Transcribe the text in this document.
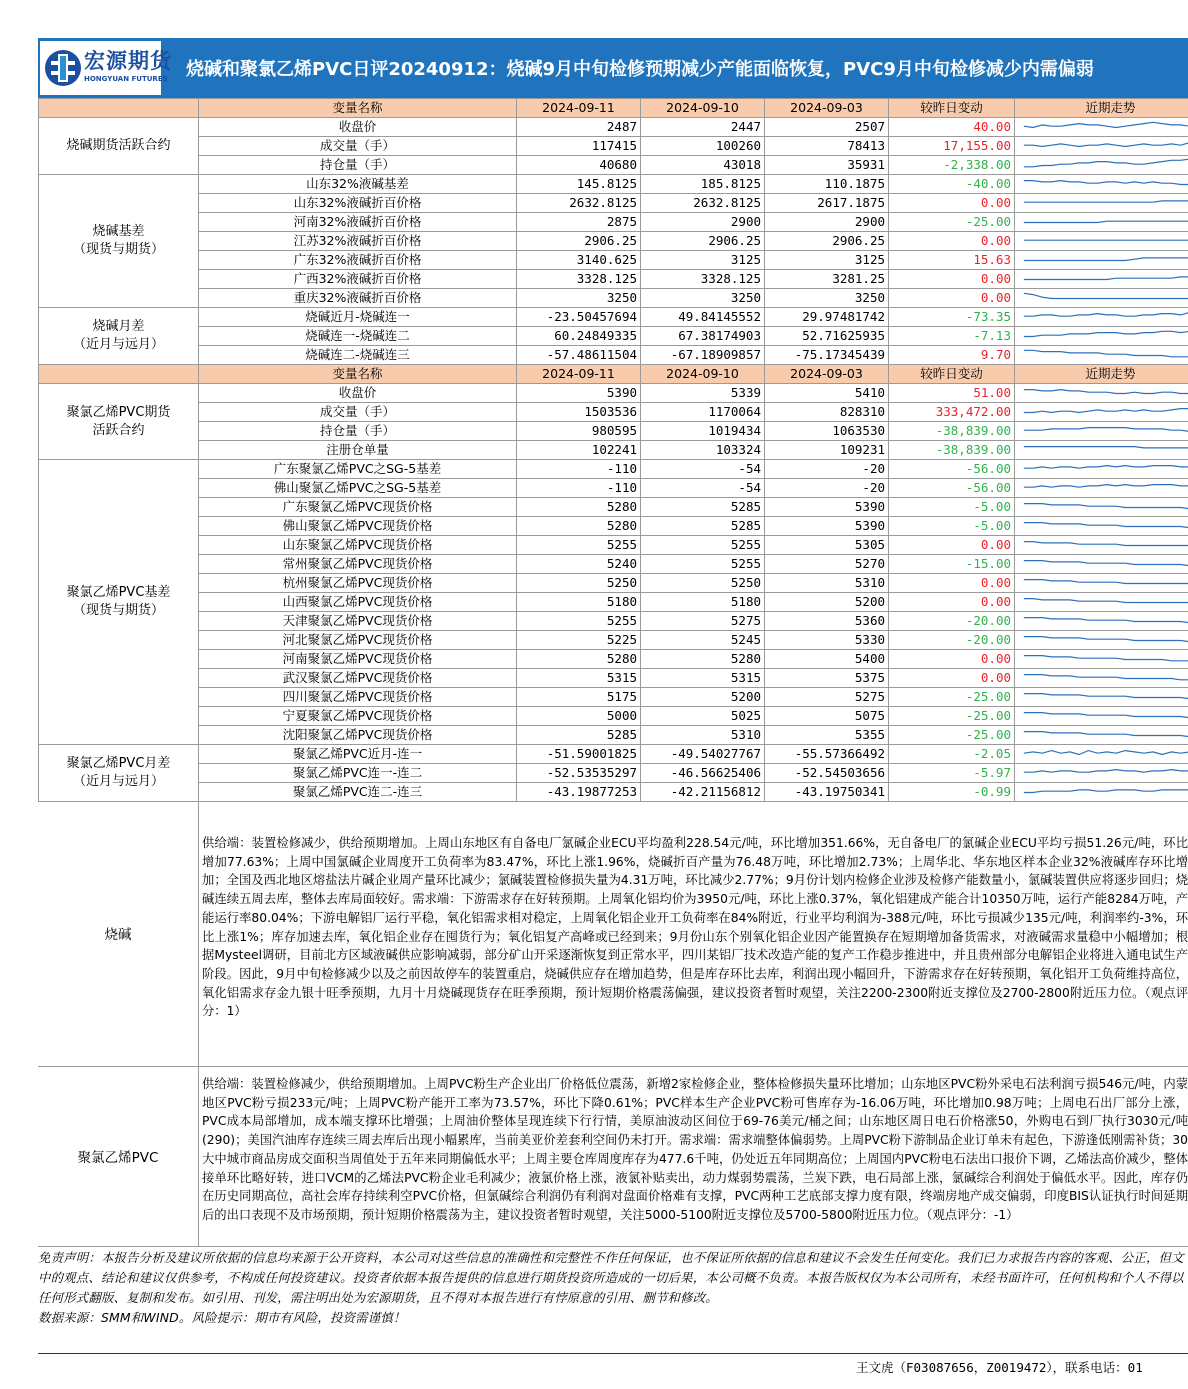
宏源期货
HONGYUAN FUTURES 烧碱和聚氯乙烯PVC日评20240912：烧碱9月中旬检修预期减少产能面临恢复，PVC9月中旬检修减少内需偏弱
	变量名称	2024-09-11	2024-09-10	2024-09-03	较昨日变动	近期走势
烧碱期货活跃合约	收盘价	2487	2447	2507	40.00	

	成交量（手）	117415	100260	78413	17,155.00	

	持仓量（手）	40680	43018	35931	-2,338.00	

烧碱基差
（现货与期货）	山东32%液碱基差	145.8125	185.8125	110.1875	-40.00	

	山东32%液碱折百价格	2632.8125	2632.8125	2617.1875	0.00	

	河南32%液碱折百价格	2875	2900	2900	-25.00	

	江苏32%液碱折百价格	2906.25	2906.25	2906.25	0.00	

	广东32%液碱折百价格	3140.625	3125	3125	15.63	

	广西32%液碱折百价格	3328.125	3328.125	3281.25	0.00	

	重庆32%液碱折百价格	3250	3250	3250	0.00	

烧碱月差
（近月与远月）	烧碱近月-烧碱连一	-23.50457694	49.84145552	29.97481742	-73.35	

	烧碱连一-烧碱连二	60.24849335	67.38174903	52.71625935	-7.13	

	烧碱连二-烧碱连三	-57.48611504	-67.18909857	-75.17345439	9.70	

	变量名称	2024-09-11	2024-09-10	2024-09-03	较昨日变动	近期走势
聚氯乙烯PVC期货
活跃合约	收盘价	5390	5339	5410	51.00	

	成交量（手）	1503536	1170064	828310	333,472.00	

	持仓量（手）	980595	1019434	1063530	-38,839.00	

	注册仓单量	102241	103324	109231	-38,839.00	

聚氯乙烯PVC基差
（现货与期货）	广东聚氯乙烯PVC之SG-5基差	-110	-54	-20	-56.00	

	佛山聚氯乙烯PVC之SG-5基差	-110	-54	-20	-56.00	

	广东聚氯乙烯PVC现货价格	5280	5285	5390	-5.00	

	佛山聚氯乙烯PVC现货价格	5280	5285	5390	-5.00	

	山东聚氯乙烯PVC现货价格	5255	5255	5305	0.00	

	常州聚氯乙烯PVC现货价格	5240	5255	5270	-15.00	

	杭州聚氯乙烯PVC现货价格	5250	5250	5310	0.00	

	山西聚氯乙烯PVC现货价格	5180	5180	5200	0.00	

	天津聚氯乙烯PVC现货价格	5255	5275	5360	-20.00	

	河北聚氯乙烯PVC现货价格	5225	5245	5330	-20.00	

	河南聚氯乙烯PVC现货价格	5280	5280	5400	0.00	

	武汉聚氯乙烯PVC现货价格	5315	5315	5375	0.00	

	四川聚氯乙烯PVC现货价格	5175	5200	5275	-25.00	

	宁夏聚氯乙烯PVC现货价格	5000	5025	5075	-25.00	

	沈阳聚氯乙烯PVC现货价格	5285	5310	5355	-25.00	

聚氯乙烯PVC月差
（近月与远月）	聚氯乙烯PVC近月-连一	-51.59001825	-49.54027767	-55.57366492	-2.05	

	聚氯乙烯PVC连一-连二	-52.53535297	-46.56625406	-52.54503656	-5.97	

	聚氯乙烯PVC连二-连三	-43.19877253	-42.21156812	-43.19750341	-0.99	
烧碱
供给端：装置检修减少，供给预期增加。上周山东地区有自备电厂氯碱企业ECU平均盈利228.54元/吨，环比增加351.66%，无自备电厂的氯碱企业ECU平均亏损51.26元/吨，环比增加77.63%；上周中国氯碱企业周度开工负荷率为83.47%，环比上涨1.96%，烧碱折百产量为76.48万吨，环比增加2.73%；上周华北、华东地区样本企业32%液碱库存环比增加；全国及西北地区熔盐法片碱企业周产量环比减少；氯碱装置检修损失量为4.31万吨，环比减少2.77%；9月份计划内检修企业涉及检修产能数量小，氯碱装置供应将逐步回归；烧碱连续五周去库，整体去库局面较好。需求端：下游需求存在好转预期。上周氧化铝均价为3950元/吨，环比上涨0.37%，氧化铝建成产能合计10350万吨，运行产能8284万吨，产能运行率80.04%；下游电解铝厂运行平稳，氧化铝需求相对稳定，上周氧化铝企业开工负荷率在84%附近，行业平均利润为-388元/吨，环比亏损减少135元/吨，利润率约-3%，环比上涨1%；库存加速去库，氧化铝企业存在囤货行为；氧化铝复产高峰或已经到来；9月份山东个别氧化铝企业因产能置换存在短期增加备货需求，对液碱需求量稳中小幅增加；根据Mysteel调研，目前北方区域液碱供应影响减弱，部分矿山开采逐渐恢复到正常水平，四川某铝厂技术改造产能的复产工作稳步推进中，并且贵州部分电解铝企业将进入通电试生产阶段。因此，9月中旬检修减少以及之前因故停车的装置重启，烧碱供应存在增加趋势，但是库存环比去库，利润出现小幅回升，下游需求存在好转预期，氧化铝开工负荷维持高位，氧化铝需求存金九银十旺季预期，九月十月烧碱现货存在旺季预期，预计短期价格震荡偏强，建议投资者暂时观望，关注2200-2300附近支撑位及2700-2800附近压力位。（观点评分：1）
聚氯乙烯PVC
供给端：装置检修减少，供给预期增加。上周PVC粉生产企业出厂价格低位震荡，新增2家检修企业，整体检修损失量环比增加；山东地区PVC粉外采电石法利润亏损546元/吨，内蒙地区PVC粉亏损233元/吨；上周PVC粉产能开工率为73.57%，环比下降0.61%；PVC样本生产企业PVC粉可售库存为-16.06万吨，环比增加0.98万吨；上周电石出厂部分上涨，PVC成本局部增加，成本端支撑环比增强；上周油价整体呈现连续下行行情，美原油波动区间位于69-76美元/桶之间；山东地区周日电石价格涨50，外购电石到厂执行3030元/吨(290)；美国汽油库存连续三周去库后出现小幅累库，当前美亚价差套利空间仍未打开。需求端：需求端整体偏弱势。上周PVC粉下游制品企业订单未有起色，下游逢低刚需补货；30大中城市商品房成交面积当周值处于五年来同期偏低水平；上周主要仓库周度库存为477.6千吨，仍处近五年同期高位；上周国内PVC粉电石法出口报价下调，乙烯法高价减少，整体接单环比略好转，进口VCM的乙烯法PVC粉企业毛利减少；液氯价格上涨，液氯补贴卖出，动力煤弱势震荡，兰炭下跌，电石局部上涨，氯碱综合利润处于偏低水平。因此，库存仍在历史同期高位，高社会库存持续利空PVC价格，但氯碱综合利润仍有利润对盘面价格难有支撑，PVC两种工艺底部支撑力度有限，终端房地产成交偏弱，印度BIS认证执行时间延期后的出口表现不及市场预期，预计短期价格震荡为主，建议投资者暂时观望，关注5000-5100附近支撑位及5700-5800附近压力位。（观点评分：-1）
免责声明：本报告分析及建议所依据的信息均来源于公开资料，本公司对这些信息的准确性和完整性不作任何保证，也不保证所依据的信息和建议不会发生任何变化。我们已力求报告内容的客观、公正，但文中的观点、结论和建议仅供参考，不构成任何投资建议。投资者依据本报告提供的信息进行期货投资所造成的一切后果，本公司概不负责。本报告版权仅为本公司所有，未经书面许可，任何机构和个人不得以任何形式翻版、复制和发布。如引用、刊发，需注明出处为宏源期货，且不得对本报告进行有悖原意的引用、删节和修改。
数据来源：SMM和WIND。风险提示：期市有风险，投资需谨慎！
王文虎（F03087656，Z0019472），联系电话：01
